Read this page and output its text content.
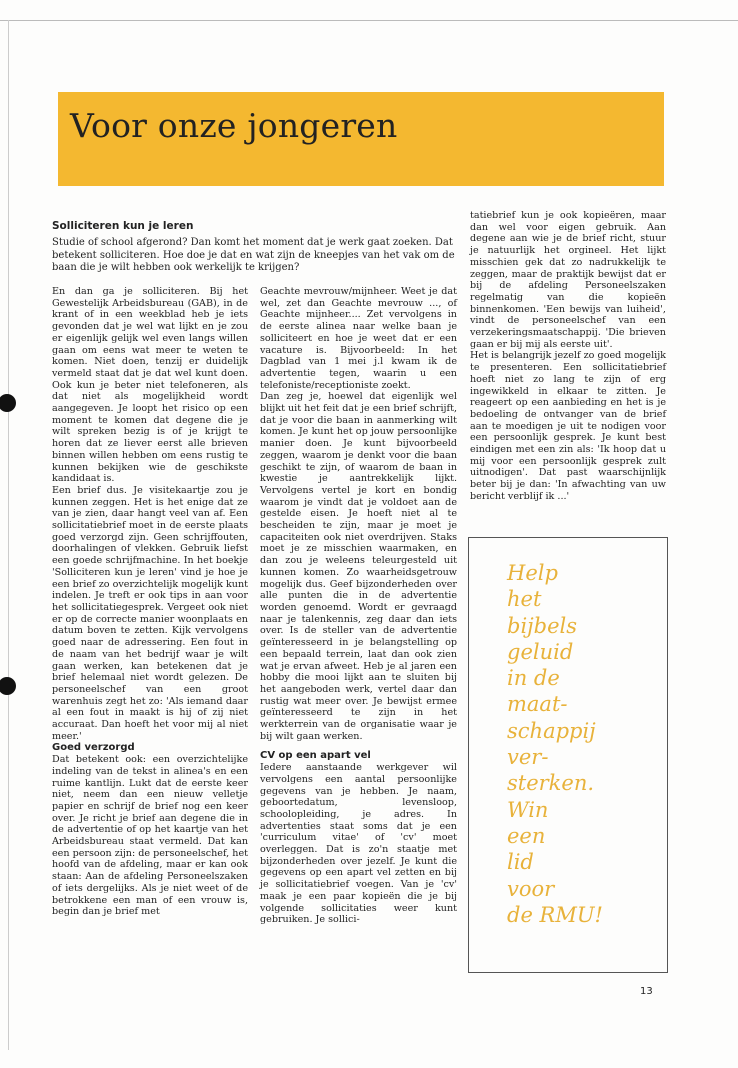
Voor onze jongeren
Solliciteren kun je leren

Studie of school afgerond? Dan komt het moment dat je werk gaat zoeken. Dat betekent solliciteren. Hoe doe je dat en wat zijn de kneepjes van het vak om de baan die je wilt hebben ook werkelijk te krijgen?

En dan ga je solliciteren. Bij het Gewestelijk Arbeidsbureau (GAB), in de krant of in een weekblad heb je iets gevonden dat je wel wat lijkt en je zou er eigenlijk gelijk wel even langs willen gaan om eens wat meer te weten te komen. Niet doen, tenzij er duidelijk vermeld staat dat je dat wel kunt doen. Ook kun je beter niet telefoneren, als dat niet als mogelijkheid wordt aangegeven. Je loopt het risico op een moment te komen dat degene die je wilt spreken bezig is of je krijgt te horen dat ze liever eerst alle brieven binnen willen hebben om eens rustig te kunnen bekijken wie de geschikste kandidaat is.

Een brief dus. Je visitekaartje zou je kunnen zeggen. Het is het enige dat ze van je zien, daar hangt veel van af. Een sollicitatiebrief moet in de eerste plaats goed verzorgd zijn. Geen schrijffouten, doorhalingen of vlekken. Gebruik liefst een goede schrijfmachine. In het boekje 'Solliciteren kun je leren' vind je hoe je een brief zo overzichtelijk mogelijk kunt indelen. Je treft er ook tips in aan voor het sollicitatiegesprek. Vergeet ook niet er op de correcte manier woonplaats en datum boven te zetten. Kijk vervolgens goed naar de adressering. Een fout in de naam van het bedrijf waar je wilt gaan werken, kan betekenen dat je brief helemaal niet wordt gelezen. De personeelschef van een groot warenhuis zegt het zo: 'Als iemand daar al een fout in maakt is hij of zij niet accuraat. Dan hoeft het voor mij al niet meer.'

Goed verzorgd

Dat betekent ook: een overzichtelijke indeling van de tekst in alinea's en een ruime kantlijn. Lukt dat de eerste keer niet, neem dan een nieuw velletje papier en schrijf de brief nog een keer over. Je richt je brief aan degene die in de advertentie of op het kaartje van het Arbeidsbureau staat vermeld. Dat kan een persoon zijn: de personeelschef, het hoofd van de afdeling, maar er kan ook staan: Aan de afdeling Personeelszaken of iets dergelijks. Als je niet weet of de betrokkene een man of een vrouw is, begin dan je brief met

Geachte mevrouw/mijnheer. Weet je dat wel, zet dan Geachte mevrouw ..., of Geachte mijnheer.... Zet vervolgens in de eerste alinea naar welke baan je solliciteert en hoe je weet dat er een vacature is. Bijvoorbeeld: In het Dagblad van 1 mei j.l kwam ik de advertentie tegen, waarin u een telefoniste/receptioniste zoekt.

Dan zeg je, hoewel dat eigenlijk wel blijkt uit het feit dat je een brief schrijft, dat je voor die baan in aanmerking wilt komen. Je kunt het op jouw persoonlijke manier doen. Je kunt bijvoorbeeld zeggen, waarom je denkt voor die baan geschikt te zijn, of waarom de baan in kwestie je aantrekkelijk lijkt. Vervolgens vertel je kort en bondig waarom je vindt dat je voldoet aan de gestelde eisen. Je hoeft niet al te bescheiden te zijn, maar je moet je capaciteiten ook niet overdrijven. Staks moet je ze misschien waarmaken, en dan zou je weleens teleurgesteld uit kunnen komen. Zo waarheidsgetrouw mogelijk dus. Geef bijzonderheden over alle punten die in de advertentie worden genoemd. Wordt er gevraagd naar je talenkennis, zeg daar dan iets over. Is de steller van de advertentie geïnteresseerd in je belangstelling op een bepaald terrein, laat dan ook zien wat je ervan afweet. Heb je al jaren een hobby die mooi lijkt aan te sluiten bij het aangeboden werk, vertel daar dan rustig wat meer over. Je bewijst ermee geïnteresseerd te zijn in het werkterrein van de organisatie waar je bij wilt gaan werken.

CV op een apart vel

Iedere aanstaande werkgever wil vervolgens een aantal persoonlijke gegevens van je hebben. Je naam, geboortedatum, levensloop, schoolopleiding, je adres. In advertenties staat soms dat je een 'curriculum vitae' of 'cv' moet overleggen. Dat is zo'n staatje met bijzonderheden over jezelf. Je kunt die gegevens op een apart vel zetten en bij je sollicitatiebrief voegen. Van je 'cv' maak je een paar kopieën die je bij volgende sollicitaties weer kunt gebruiken. Je sollici-

tatiebrief kun je ook kopieëren, maar dan wel voor eigen gebruik. Aan degene aan wie je de brief richt, stuur je natuurlijk het orgineel. Het lijkt misschien gek dat zo nadrukkelijk te zeggen, maar de praktijk bewijst dat er bij de afdeling Personeelszaken regelmatig van die kopieën binnenkomen. 'Een bewijs van luiheid', vindt de personeelschef van een verzekeringsmaatschappij. 'Die brieven gaan er bij mij als eerste uit'.

Het is belangrijk jezelf zo goed mogelijk te presenteren. Een sollicitatiebrief hoeft niet zo lang te zijn of erg ingewikkeld in elkaar te zitten. Je reageert op een aanbieding en het is je bedoeling de ontvanger van de brief aan te moedigen je uit te nodigen voor een persoonlijk gesprek. Je kunt best eindigen met een zin als: 'Ik hoop dat u mij voor een persoonlijk gesprek zult uitnodigen'. Dat past waarschijnlijk beter bij je dan: 'In afwachting van uw bericht verblijf ik ...'

Help
het
bijbels
geluid
in de
maat-
schappij
ver-
sterken.
Win
een
lid
voor
de RMU!
13
